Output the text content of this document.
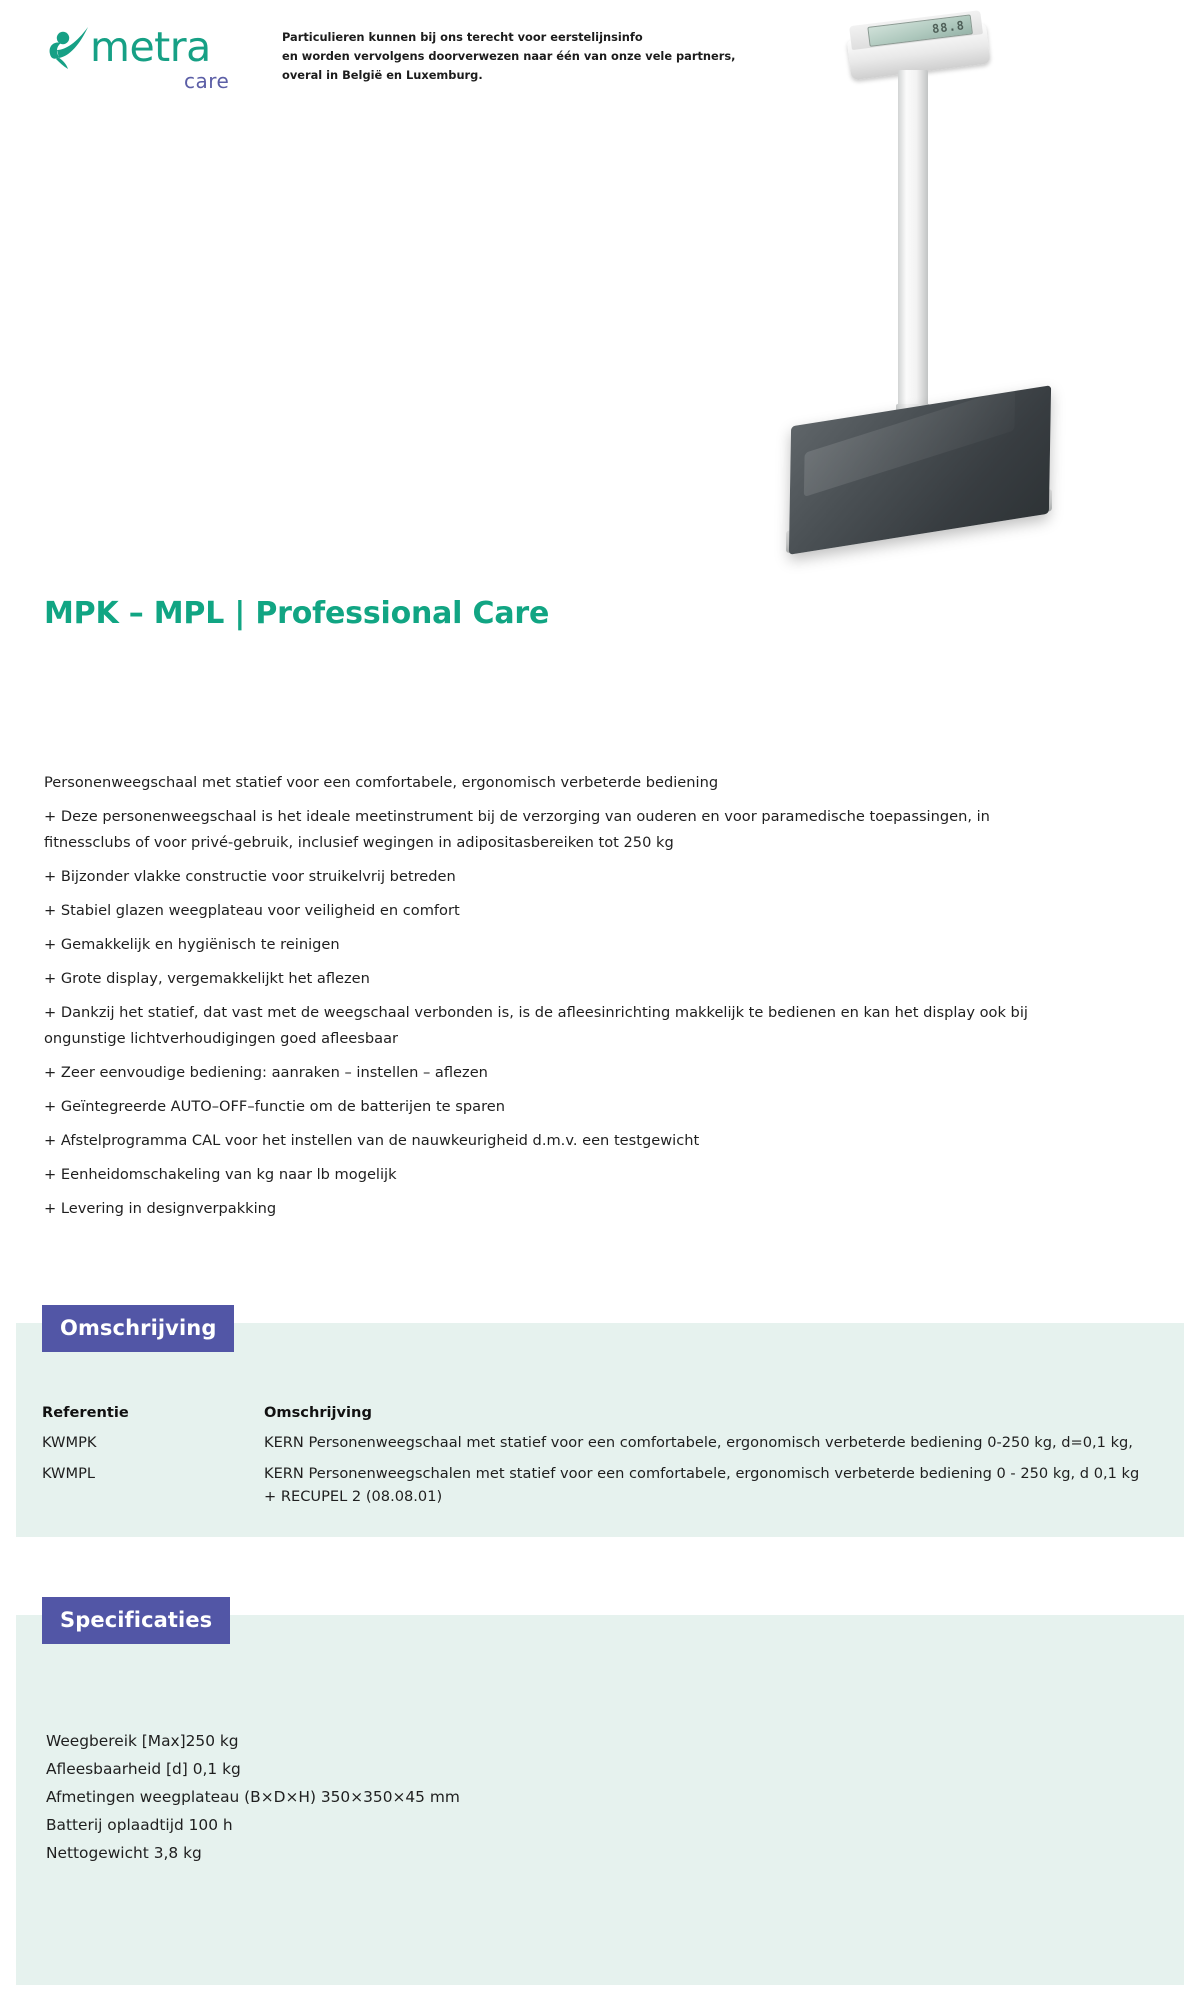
metra
care
Particulieren kunnen bij ons terecht voor eerstelijnsinfo
en worden vervolgens doorverwezen naar één van onze vele partners,
overal in België en Luxemburg.
88.8
MPK – MPL | Professional Care
Personenweegschaal met statief voor een comfortabele, ergonomisch verbeterde bediening
+ Deze personenweegschaal is het ideale meetinstrument bij de verzorging van ouderen en voor paramedische toepassingen, in fitnessclubs of voor privé-gebruik, inclusief wegingen in adipositasbereiken tot 250 kg
+ Bijzonder vlakke constructie voor struikelvrij betreden
+ Stabiel glazen weegplateau voor veiligheid en comfort
+ Gemakkelijk en hygiënisch te reinigen
+ Grote display, vergemakkelijkt het aflezen
+ Dankzij het statief, dat vast met de weegschaal verbonden is, is de afleesinrichting makkelijk te bedienen en kan het display ook bij ongunstige lichtverhoudigingen goed afleesbaar
+ Zeer eenvoudige bediening: aanraken – instellen – aflezen
+ Geïntegreerde AUTO–OFF–functie om de batterijen te sparen
+ Afstelprogramma CAL voor het instellen van de nauwkeurigheid d.m.v. een testgewicht
+ Eenheidomschakeling van kg naar lb mogelijk
+ Levering in designverpakking
Omschrijving
Referentie	Omschrijving
KWMPK	KERN Personenweegschaal met statief voor een comfortabele, ergonomisch verbeterde bediening 0-250 kg, d=0,1 kg,
KWMPL	KERN Personenweegschalen met statief voor een comfortabele, ergonomisch verbeterde bediening 0 - 250 kg, d 0,1 kg + RECUPEL 2 (08.08.01)
Specificaties
Weegbereik [Max]250 kg
Afleesbaarheid [d] 0,1 kg
Afmetingen weegplateau (B×D×H) 350×350×45 mm
Batterij oplaadtijd 100 h
Nettogewicht 3,8 kg
